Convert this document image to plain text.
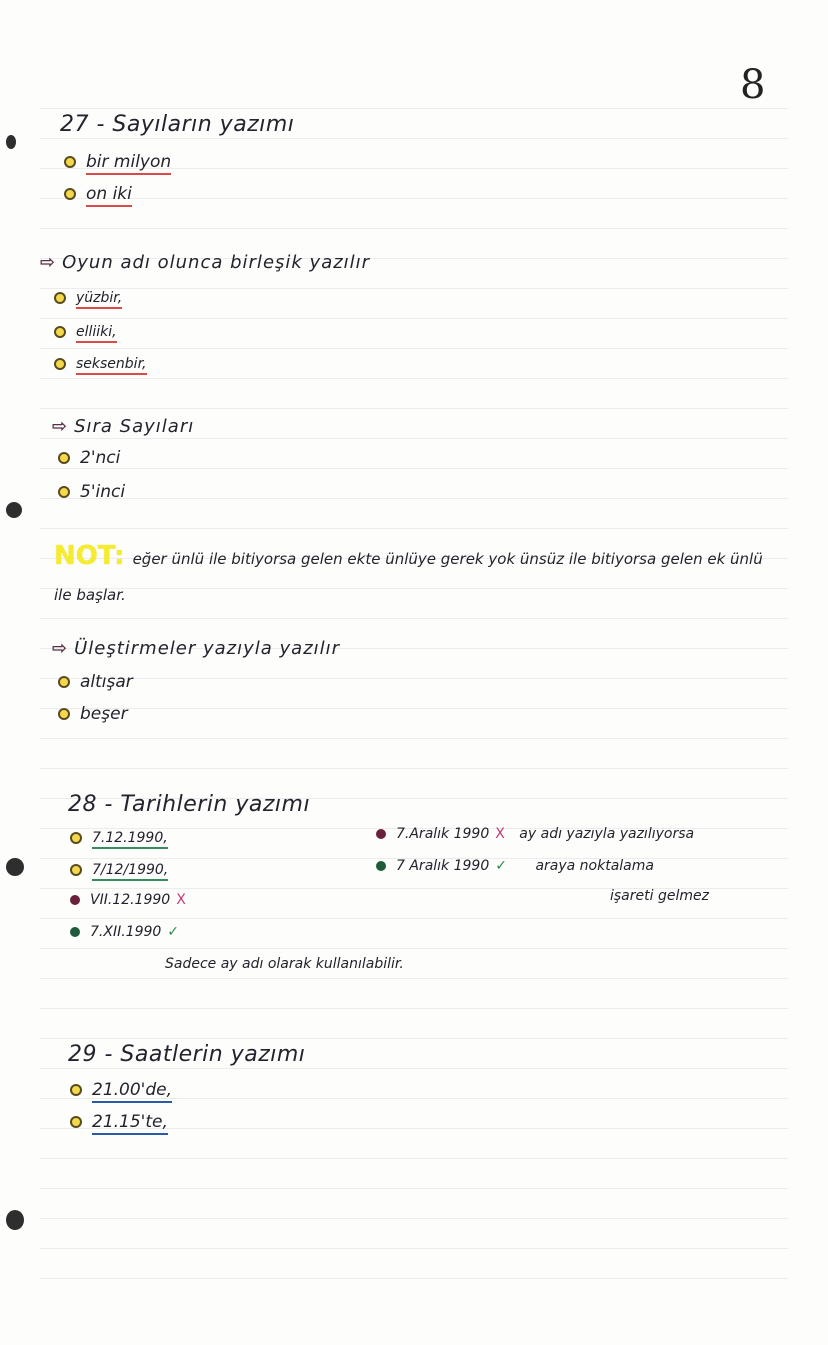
8
27 - Sayıların yazımı
bir milyon
on iki
⇨ Oyun adı olunca birleşik yazılır
yüzbir,
elliiki,
seksenbir,
⇨ Sıra Sayıları
2'nci
5'inci
NOT: eğer ünlü ile bitiyorsa gelen ekte ünlüye gerek yok ünsüz ile bitiyorsa gelen ek ünlü ile başlar.
⇨ Üleştirmeler yazıyla yazılır
altışar
beşer
28 - Tarihlerin yazımı
7.12.1990,
7/12/1990,
VII.12.1990 X
7.XII.1990 ✓
Sadece ay adı olarak kullanılabilir.
7.Aralık 1990 X ay adı yazıyla yazılıyorsa
7 Aralık 1990 ✓ araya noktalama
işareti gelmez
29 - Saatlerin yazımı
21.00'de,
21.15'te,
